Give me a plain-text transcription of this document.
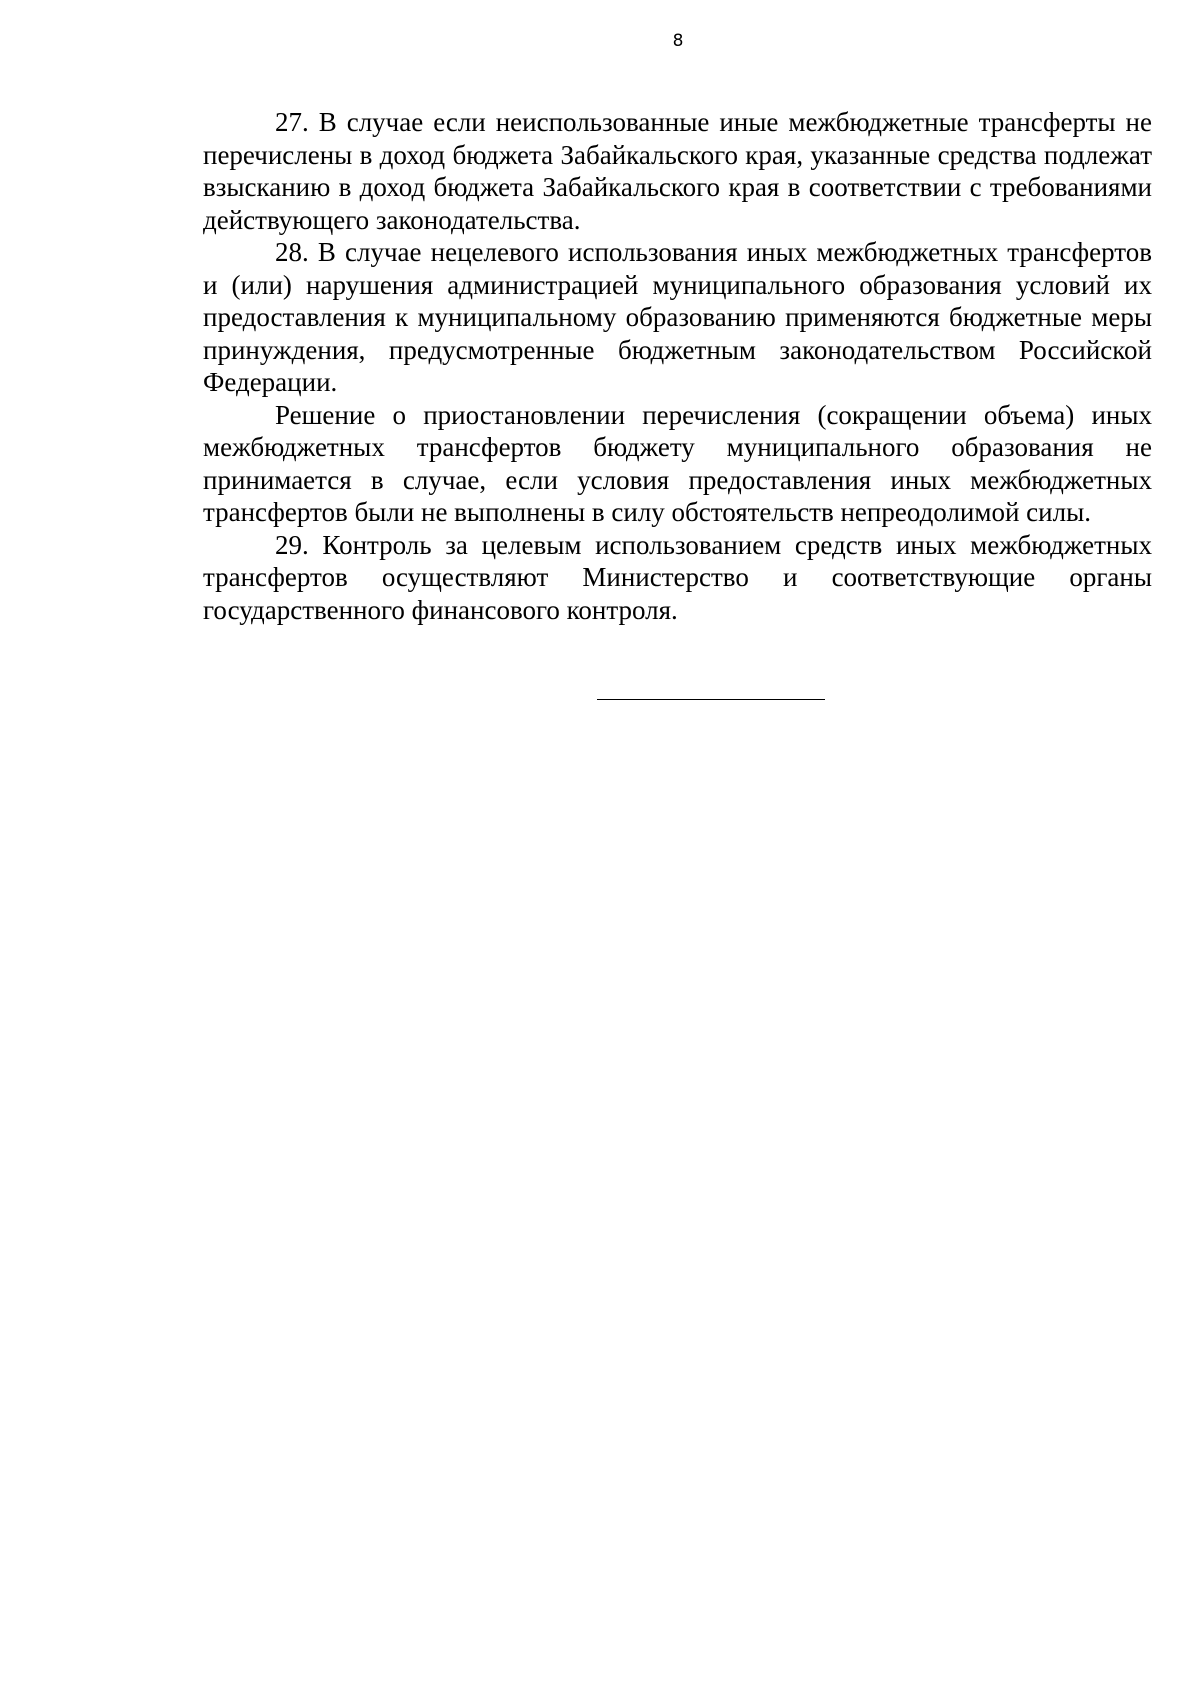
8

27. В случае если неиспользованные иные межбюджетные трансферты не перечислены в доход бюджета Забайкальского края, указанные средства подлежат взысканию в доход бюджета Забайкальского края в соответствии с требованиями действующего законодательства.

28. В случае нецелевого использования иных межбюджетных трансфертов и (или) нарушения администрацией муниципального образования условий их предоставления к муниципальному образованию применяются бюджетные меры принуждения, предусмотренные бюджетным законодательством Российской Федерации.

Решение о приостановлении перечисления (сокращении объема) иных межбюджетных трансфертов бюджету муниципального образования не принимается в случае, если условия предоставления иных межбюджетных трансфертов были не выполнены в силу обстоятельств непреодолимой силы.

29. Контроль за целевым использованием средств иных межбюджетных трансфертов осуществляют Министерство и соответствующие органы государственного финансового контроля.
